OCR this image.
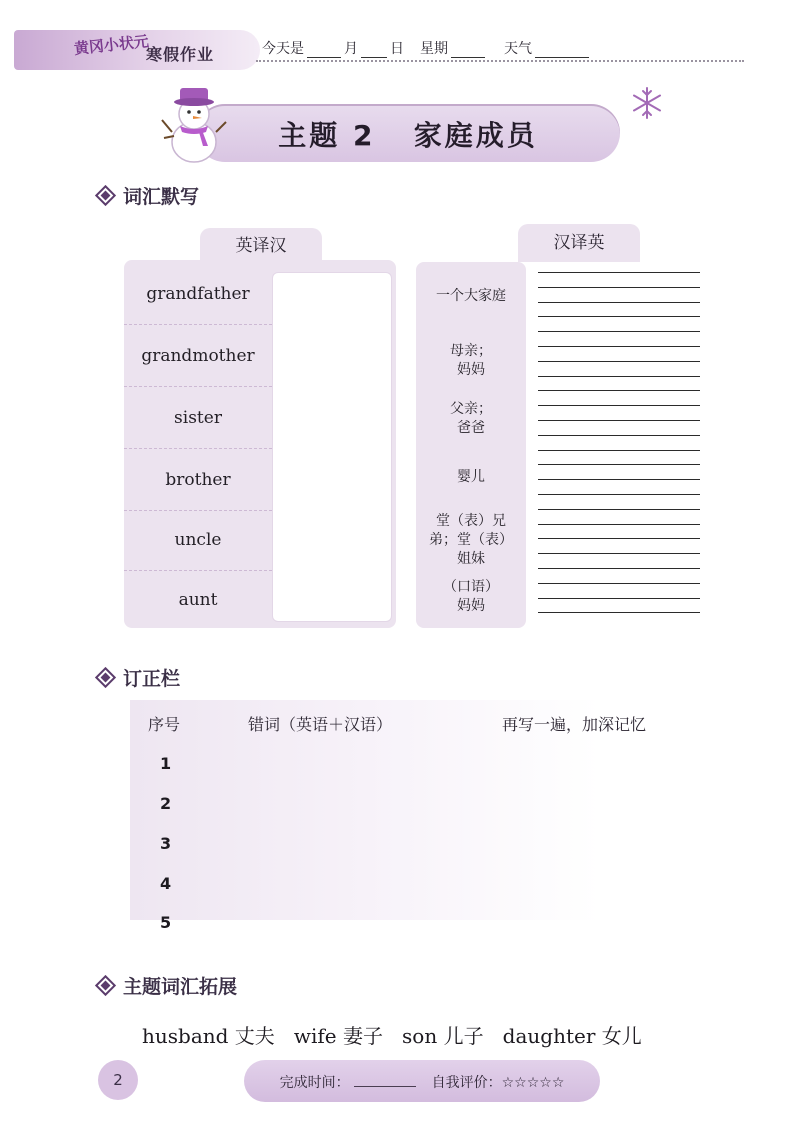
黄冈小状元
寒假作业	今天是	月 日 星期	天气
主题 2   家庭成员
词汇默写
英译汉	汉译英
grandfather
grandmother
sister
brother
uncle
aunt
一个大家庭
母亲；
妈妈
父亲；
爸爸
婴儿
堂（表）兄
弟；堂（表）
姐妹
（口语）
妈妈
订正栏
序号	错词（英语＋汉语）	再写一遍，加深记忆
1
2
3
4
5
主题词汇拓展
husband 丈夫   wife 妻子   son 儿子   daughter 女儿
2	完成时间：	自我评价：☆☆☆☆☆
